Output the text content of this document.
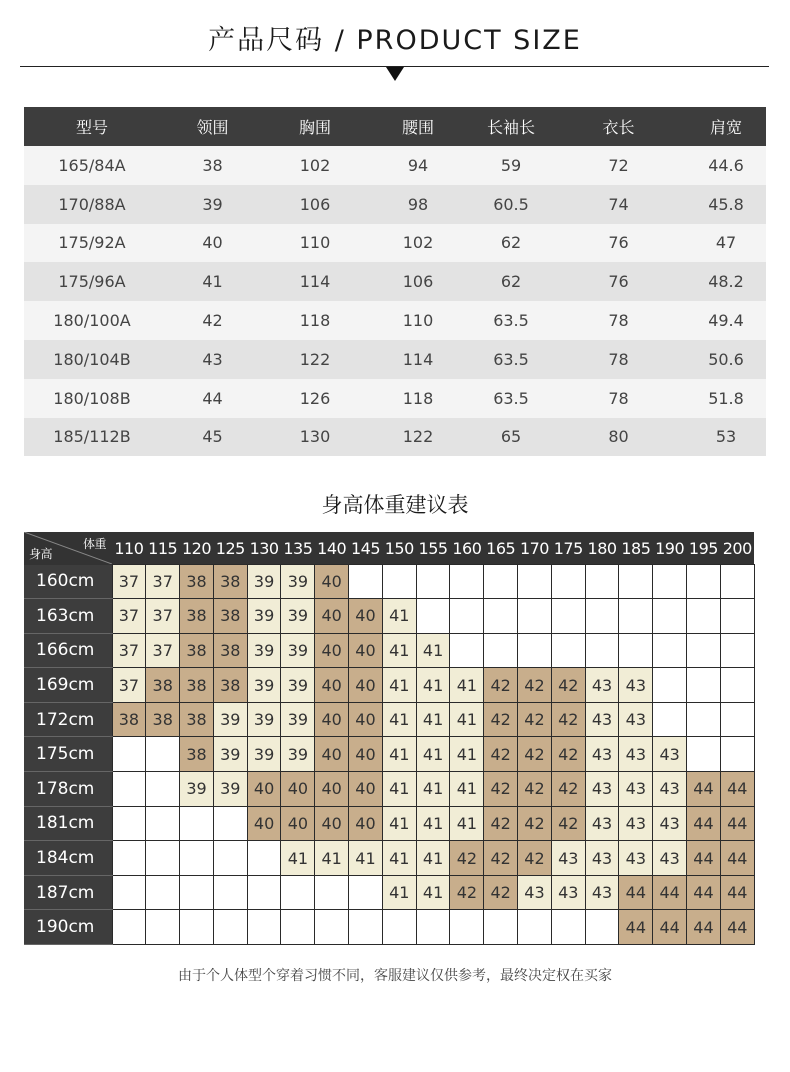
产品尺码 / PRODUCT SIZE
型号	领围	胸围	腰围	长袖长	衣长	肩宽
165/84A	38	102	94	59	72	44.6
170/88A	39	106	98	60.5	74	45.8
175/92A	40	110	102	62	76	47
175/96A	41	114	106	62	76	48.2
180/100A	42	118	110	63.5	78	49.4
180/104B	43	122	114	63.5	78	50.6
180/108B	44	126	118	63.5	78	51.8
185/112B	45	130	122	65	80	53
身高体重建议表
体重
身高	110	115	120	125	130	135	140	145	150	155	160	165	170	175	180	185	190	195	200
160cm	37	37	38	38	39	39	40												
163cm	37	37	38	38	39	39	40	40	41										
166cm	37	37	38	38	39	39	40	40	41	41									
169cm	37	38	38	38	39	39	40	40	41	41	41	42	42	42	43	43			
172cm	38	38	38	39	39	39	40	40	41	41	41	42	42	42	43	43			
175cm			38	39	39	39	40	40	41	41	41	42	42	42	43	43	43		
178cm			39	39	40	40	40	40	41	41	41	42	42	42	43	43	43	44	44
181cm					40	40	40	40	41	41	41	42	42	42	43	43	43	44	44
184cm						41	41	41	41	41	42	42	42	43	43	43	43	44	44
187cm									41	41	42	42	43	43	43	44	44	44	44
190cm																44	44	44	44
由于个人体型个穿着习惯不同，客服建议仅供参考，最终决定权在买家
